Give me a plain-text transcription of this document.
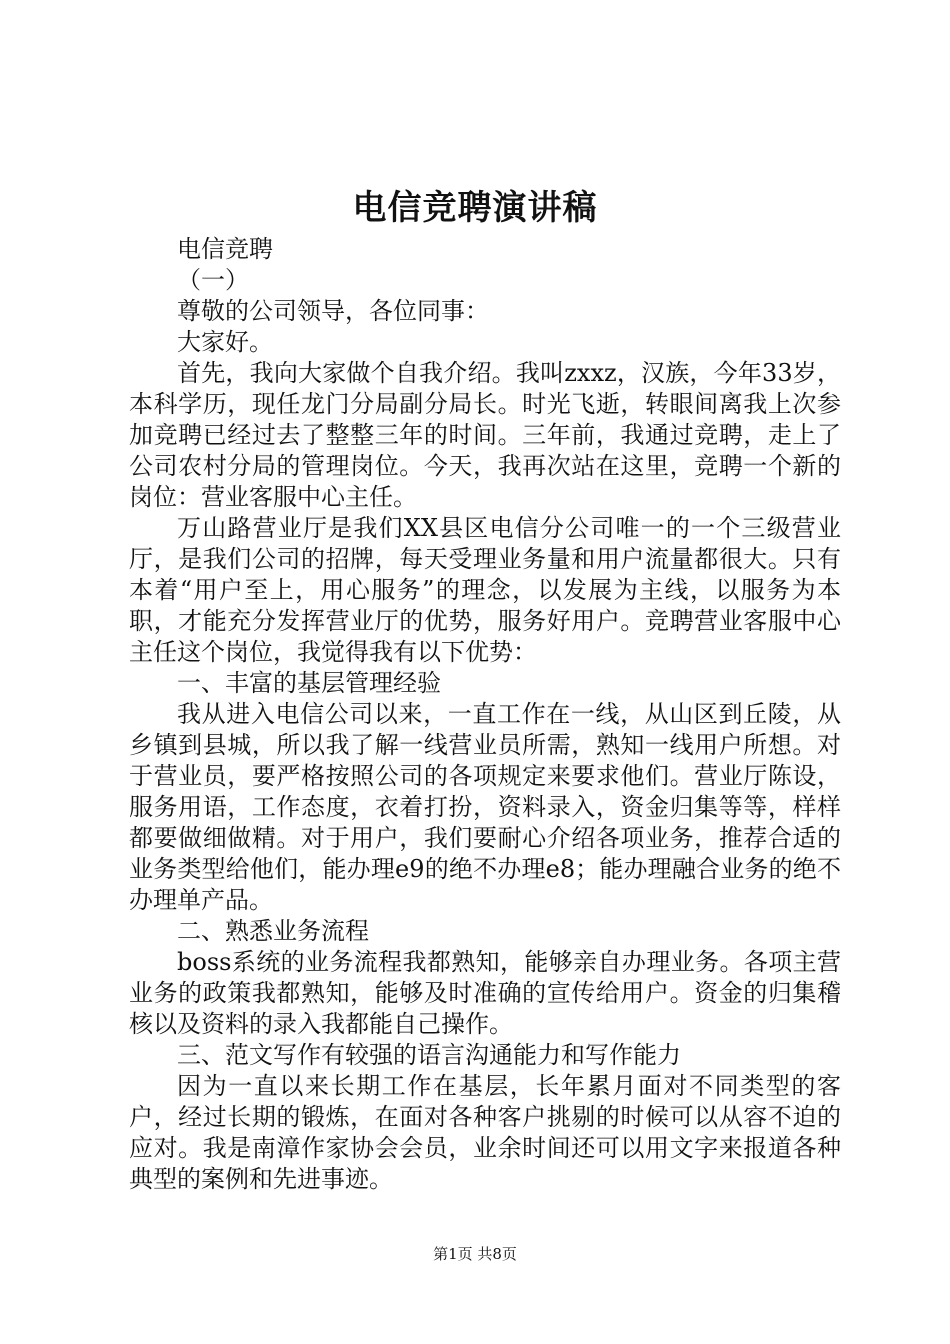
电信竞聘演讲稿

电信竞聘

（一）

尊敬的公司领导，各位同事：

大家好。

首先，我向大家做个自我介绍。我叫zxxz，汉族，今年33岁，本科学历，现任龙门分局副分局长。时光飞逝，转眼间离我上次参加竞聘已经过去了整整三年的时间。三年前，我通过竞聘，走上了公司农村分局的管理岗位。今天，我再次站在这里，竞聘一个新的岗位：营业客服中心主任。

万山路营业厅是我们XX县区电信分公司唯一的一个三级营业厅，是我们公司的招牌，每天受理业务量和用户流量都很大。只有本着“用户至上，用心服务”的理念，以发展为主线，以服务为本职，才能充分发挥营业厅的优势，服务好用户。竞聘营业客服中心主任这个岗位，我觉得我有以下优势：

一、丰富的基层管理经验

我从进入电信公司以来，一直工作在一线，从山区到丘陵，从乡镇到县城，所以我了解一线营业员所需，熟知一线用户所想。对于营业员，要严格按照公司的各项规定来要求他们。营业厅陈设，服务用语，工作态度，衣着打扮，资料录入，资金归集等等，样样都要做细做精。对于用户，我们要耐心介绍各项业务，推荐合适的业务类型给他们，能办理e9的绝不办理e8；能办理融合业务的绝不办理单产品。

二、熟悉业务流程

boss系统的业务流程我都熟知，能够亲自办理业务。各项主营业务的政策我都熟知，能够及时准确的宣传给用户。资金的归集稽核以及资料的录入我都能自己操作。

三、范文写作有较强的语言沟通能力和写作能力

因为一直以来长期工作在基层，长年累月面对不同类型的客户，经过长期的锻炼，在面对各种客户挑剔的时候可以从容不迫的应对。我是南漳作家协会会员，业余时间还可以用文字来报道各种典型的案例和先进事迹。

第1页 共8页
